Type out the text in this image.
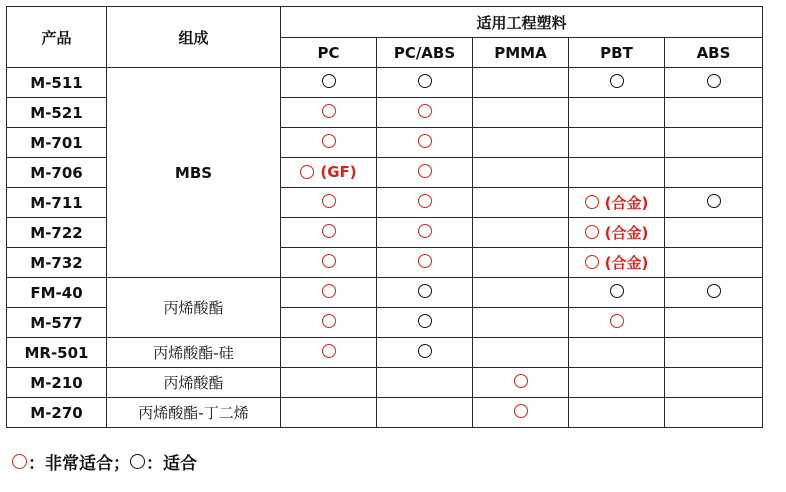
产品	组成	适用工程塑料				
		PC	PC/ABS	PMMA	PBT	ABS
M-511	MBS					
M-521						
M-701						
M-706		(GF)				

M-711					(合金)	

M-722					(合金)	

M-732					(合金)	

FM-40	丙烯酸酯					
M-577						
MR-501	丙烯酸酯-硅					
M-210	丙烯酸酯					
M-270	丙烯酸酯-丁二烯					
：非常适合； ：适合
